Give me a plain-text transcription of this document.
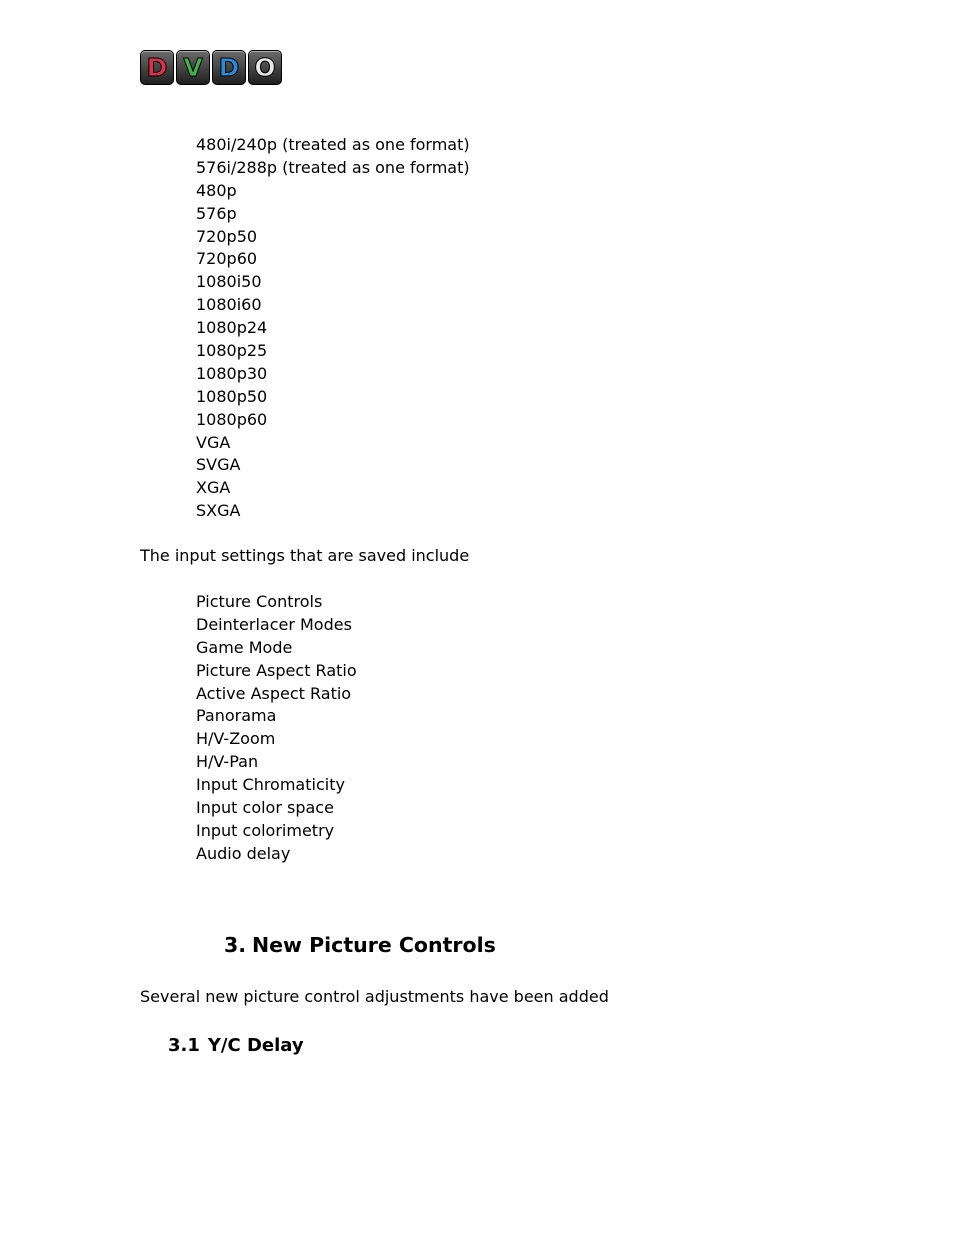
D V D O
480i/240p (treated as one format)
576i/288p (treated as one format)
480p
576p
720p50
720p60
1080i50
1080i60
1080p24
1080p25
1080p30
1080p50
1080p60
VGA
SVGA
XGA
SXGA

The input settings that are saved include

Picture Controls
Deinterlacer Modes
Game Mode
Picture Aspect Ratio
Active Aspect Ratio
Panorama
H/V-Zoom
H/V-Pan
Input Chromaticity
Input color space
Input colorimetry
Audio delay
3. New Picture Controls

Several new picture control adjustments have been added

3.1 Y/C Delay
